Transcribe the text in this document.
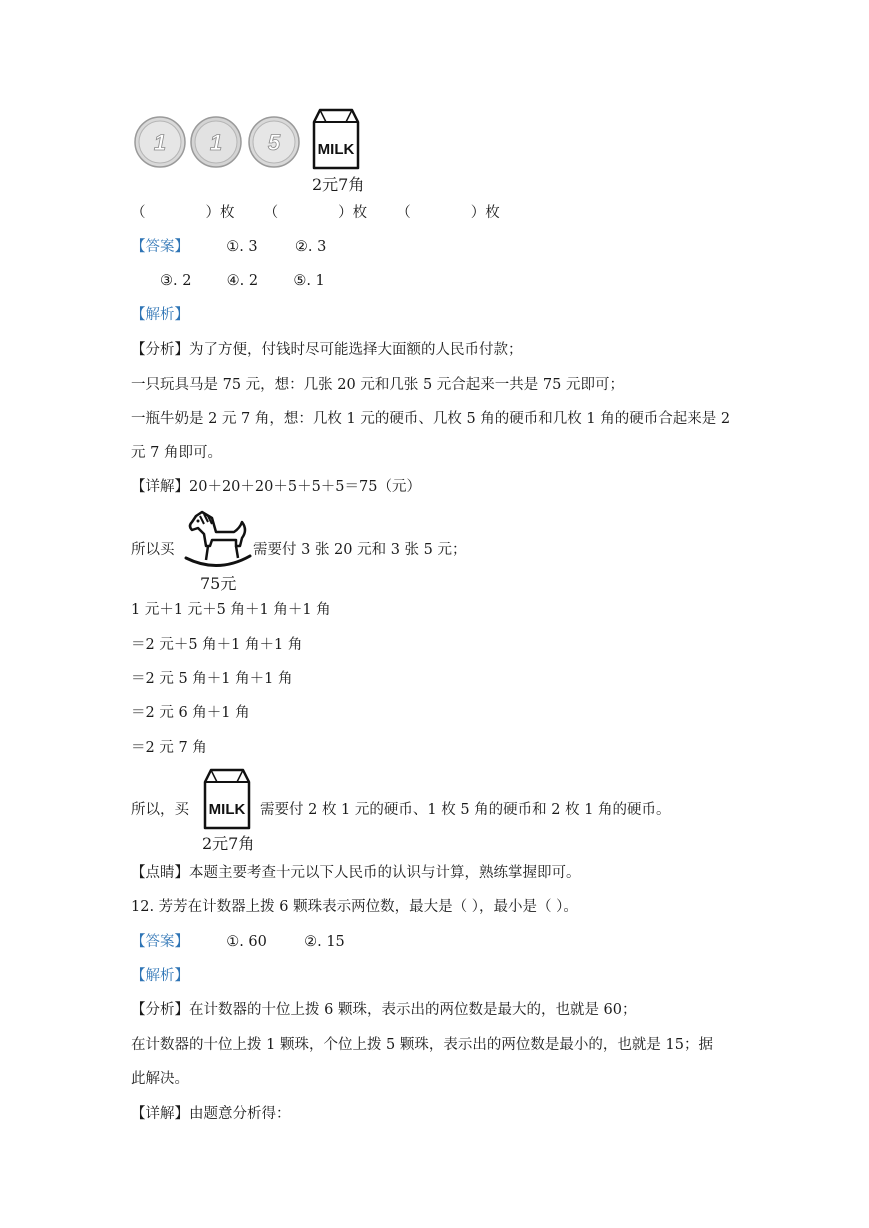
1 1 5	MILK
2元7角
（	）枚 （	）枚 （	）枚
【答案】	①. 3	②. 3
③. 2 ④. 2 ⑤. 1
【解析】
【分析】为了方便，付钱时尽可能选择大面额的人民币付款；
一只玩具马是 75 元，想：几张 20 元和几张 5 元合起来一共是 75 元即可；
一瓶牛奶是 2 元 7 角，想：几枚 1 元的硬币、几枚 5 角的硬币和几枚 1 角的硬币合起来是 2
元 7 角即可。
【详解】20＋20＋20＋5＋5＋5＝75（元）
所以买
75元
需要付 3 张 20 元和 3 张 5 元；
1 元＋1 元＋5 角＋1 角＋1 角
＝2 元＋5 角＋1 角＋1 角
＝2 元 5 角＋1 角＋1 角
＝2 元 6 角＋1 角
＝2 元 7 角
所以，买 MILK
2元7角
需要付 2 枚 1 元的硬币、1 枚 5 角的硬币和 2 枚 1 角的硬币。
【点睛】本题主要考查十元以下人民币的认识与计算，熟练掌握即可。
12. 芳芳在计数器上拨 6 颗珠表示两位数，最大是（ ），最小是（ ）。
【答案】	①. 60	②. 15
【解析】
【分析】在计数器的十位上拨 6 颗珠，表示出的两位数是最大的，也就是 60；
在计数器的十位上拨 1 颗珠，个位上拨 5 颗珠，表示出的两位数是最小的，也就是 15；据
此解决。
【详解】由题意分析得：
